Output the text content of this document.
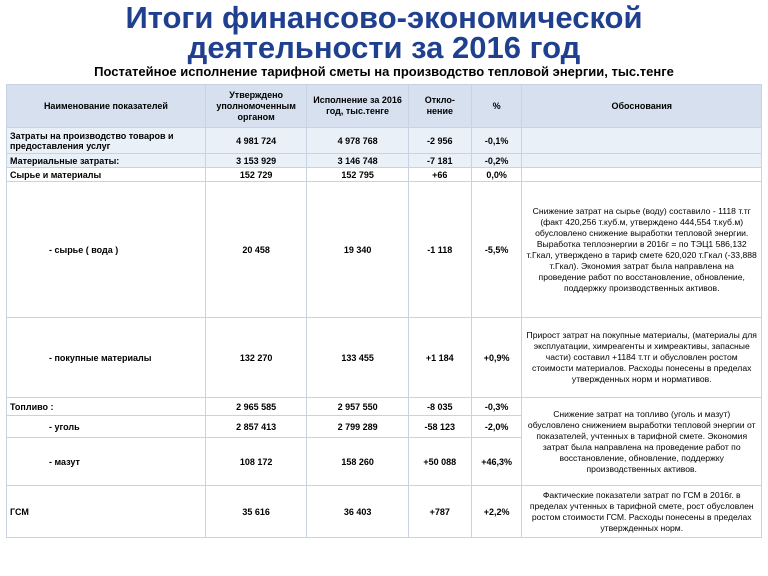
Итоги финансово-экономической
деятельности за 2016 год
Постатейное исполнение тарифной сметы на производство тепловой энергии, тыс.тенге
Наименование показателей	Утверждено уполномоченным органом	Исполнение за 2016 год, тыс.тенге	Откло-нение	%	Обоснования
Затраты на производство товаров и предоставления услуг	4 981 724	4 978 768	-2 956	-0,1%	
Материальные затраты:	3 153 929	3 146 748	-7 181	-0,2%	
Сырье и материалы	152 729	152 795	+66	0,0%	
- сырье ( вода )	20 458	19 340	-1 118	-5,5%	Снижение затрат на сырье (воду) составило - 1118 т.тг (факт 420,256 т.куб.м, утверждено 444,554 т.куб.м) обусловлено снижение выработки тепловой энергии. Выработка теплоэнергии в 2016г = по ТЭЦ1 586,132 т.Гкал, утверждено в тариф смете 620,020 т.Гкал (-33,888 т.Гкал). Экономия затрат была направлена на проведение работ по восстановление, обновление, поддержку производственных активов.
- покупные материалы	132 270	133 455	+1 184	+0,9%	Прирост затрат на покупные материалы, (материалы для эксплуатации, химреагенты и химреактивы, запасные части) составил +1184 т.тг и обусловлен ростом стоимости материалов. Расходы понесены в пределах утвержденных норм и нормативов.
Топливо :	2 965 585	2 957 550	-8 035	-0,3%	Снижение затрат на топливо (уголь и мазут) обусловлено снижением выработки тепловой энергии от показателей, учтенных в тарифной смете. Экономия затрат была направлена на проведение работ по восстановление, обновление, поддержку производственных активов.
- уголь	2 857 413	2 799 289	-58 123	-2,0%	
- мазут	108 172	158 260	+50 088	+46,3%	
ГСМ	35 616	36 403	+787	+2,2%	Фактические показатели затрат по ГСМ в 2016г. в пределах учтенных в тарифной смете, рост обусловлен ростом стоимости ГСМ. Расходы понесены в пределах утвержденных норм.
